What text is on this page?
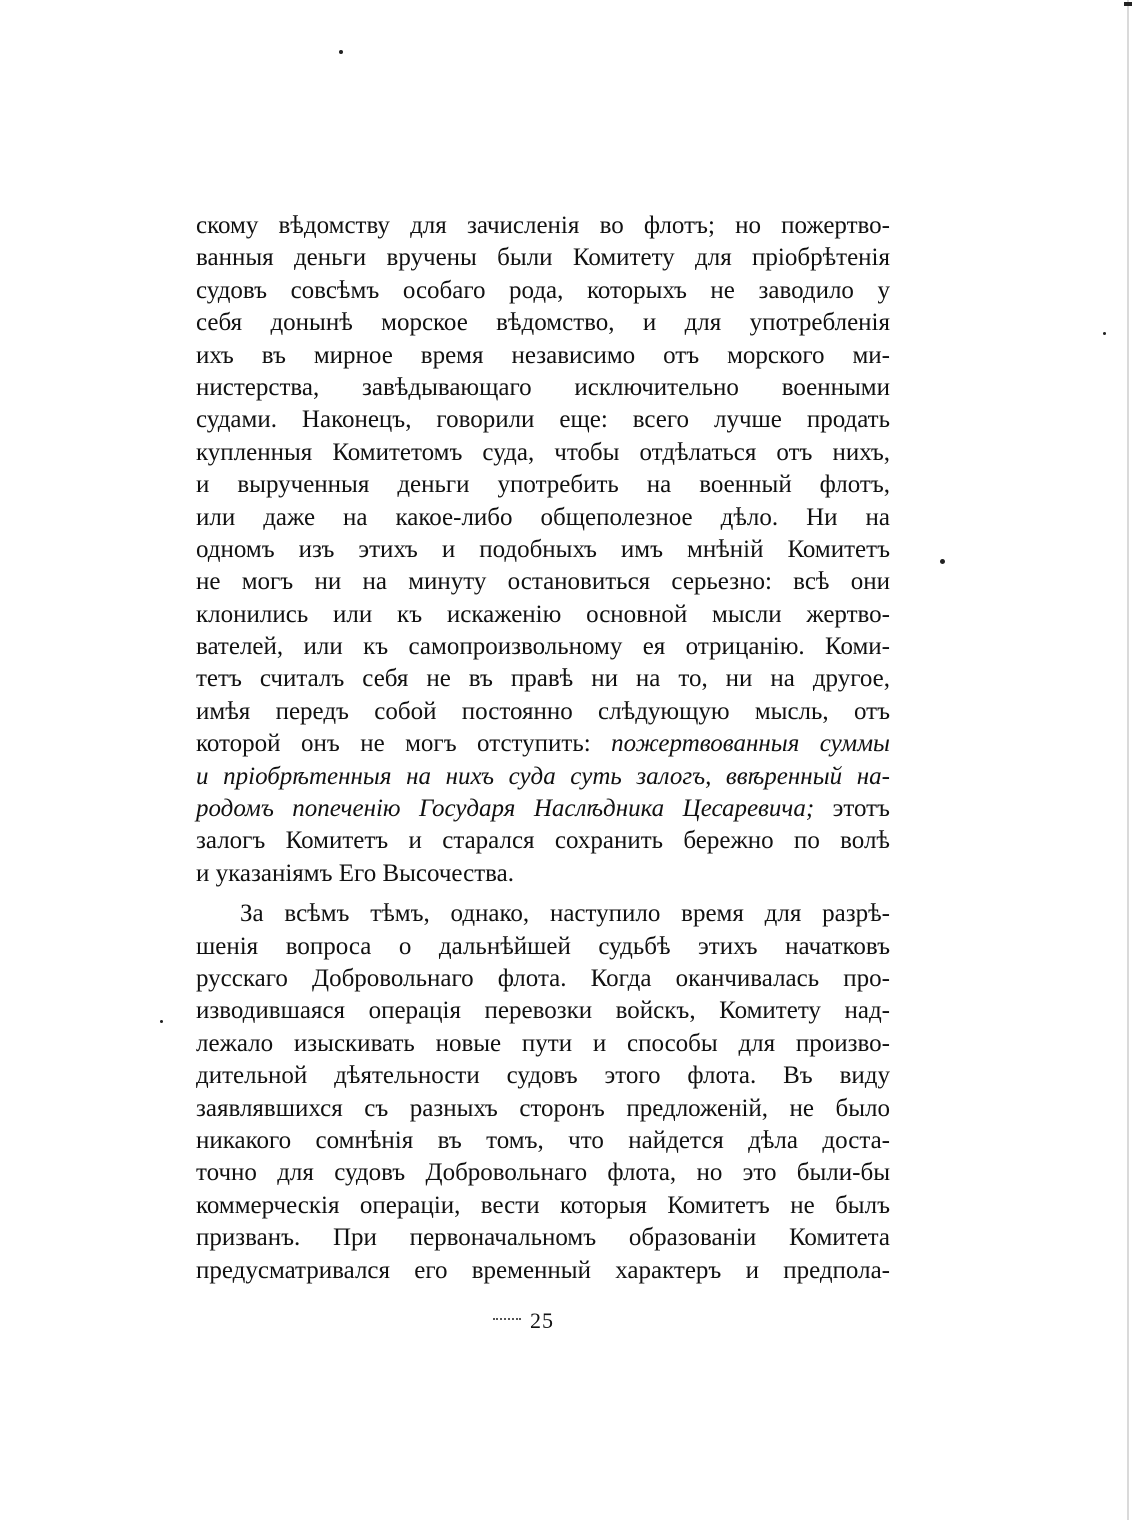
скому вѣдомству для зачисленія во флотъ; но пожертво-
ванныя деньги вручены были Комитету для пріобрѣтенія
судовъ совсѣмъ особаго рода, которыхъ не заводило у
себя донынѣ морское вѣдомство, и для употребленія
ихъ въ мирное время независимо отъ морского ми-
нистерства, завѣдывающаго исключительно военными
судами. Наконецъ, говорили еще: всего лучше продать
купленныя Комитетомъ суда, чтобы отдѣлаться отъ нихъ,
и вырученныя деньги употребить на военный флотъ,
или даже на какое-либо общеполезное дѣло. Ни на
одномъ изъ этихъ и подобныхъ имъ мнѣній Комитетъ
не могъ ни на минуту остановиться серьезно: всѣ они
клонились или къ искаженію основной мысли жертво-
вателей, или къ самопроизвольному ея отрицанію. Коми-
тетъ считалъ себя не въ правѣ ни на то, ни на другое,
имѣя передъ собой постоянно слѣдующую мысль, отъ
которой онъ не могъ отступить: пожертвованныя суммы
и пріобрѣтенныя на нихъ суда суть залогъ, ввѣренный на-
родомъ попеченію Государя Наслѣдника Цесаревича; этотъ
залогъ Комитетъ и старался сохранить бережно по волѣ
и указаніямъ Его Высочества.
За всѣмъ тѣмъ, однако, наступило время для разрѣ-
шенія вопроса о дальнѣйшей судьбѣ этихъ начатковъ
русскаго Добровольнаго флота. Когда оканчивалась про-
изводившаяся операція перевозки войскъ, Комитету над-
лежало изыскивать новые пути и способы для произво-
дительной дѣятельности судовъ этого флота. Въ виду
заявлявшихся съ разныхъ сторонъ предложеній, не было
никакого сомнѣнія въ томъ, что найдется дѣла доста-
точно для судовъ Добровольнаго флота, но это были-бы
коммерческія операціи, вести которыя Комитетъ не былъ
призванъ. При первоначальномъ образованіи Комитета
предусматривался его временный характеръ и предпола-
25
